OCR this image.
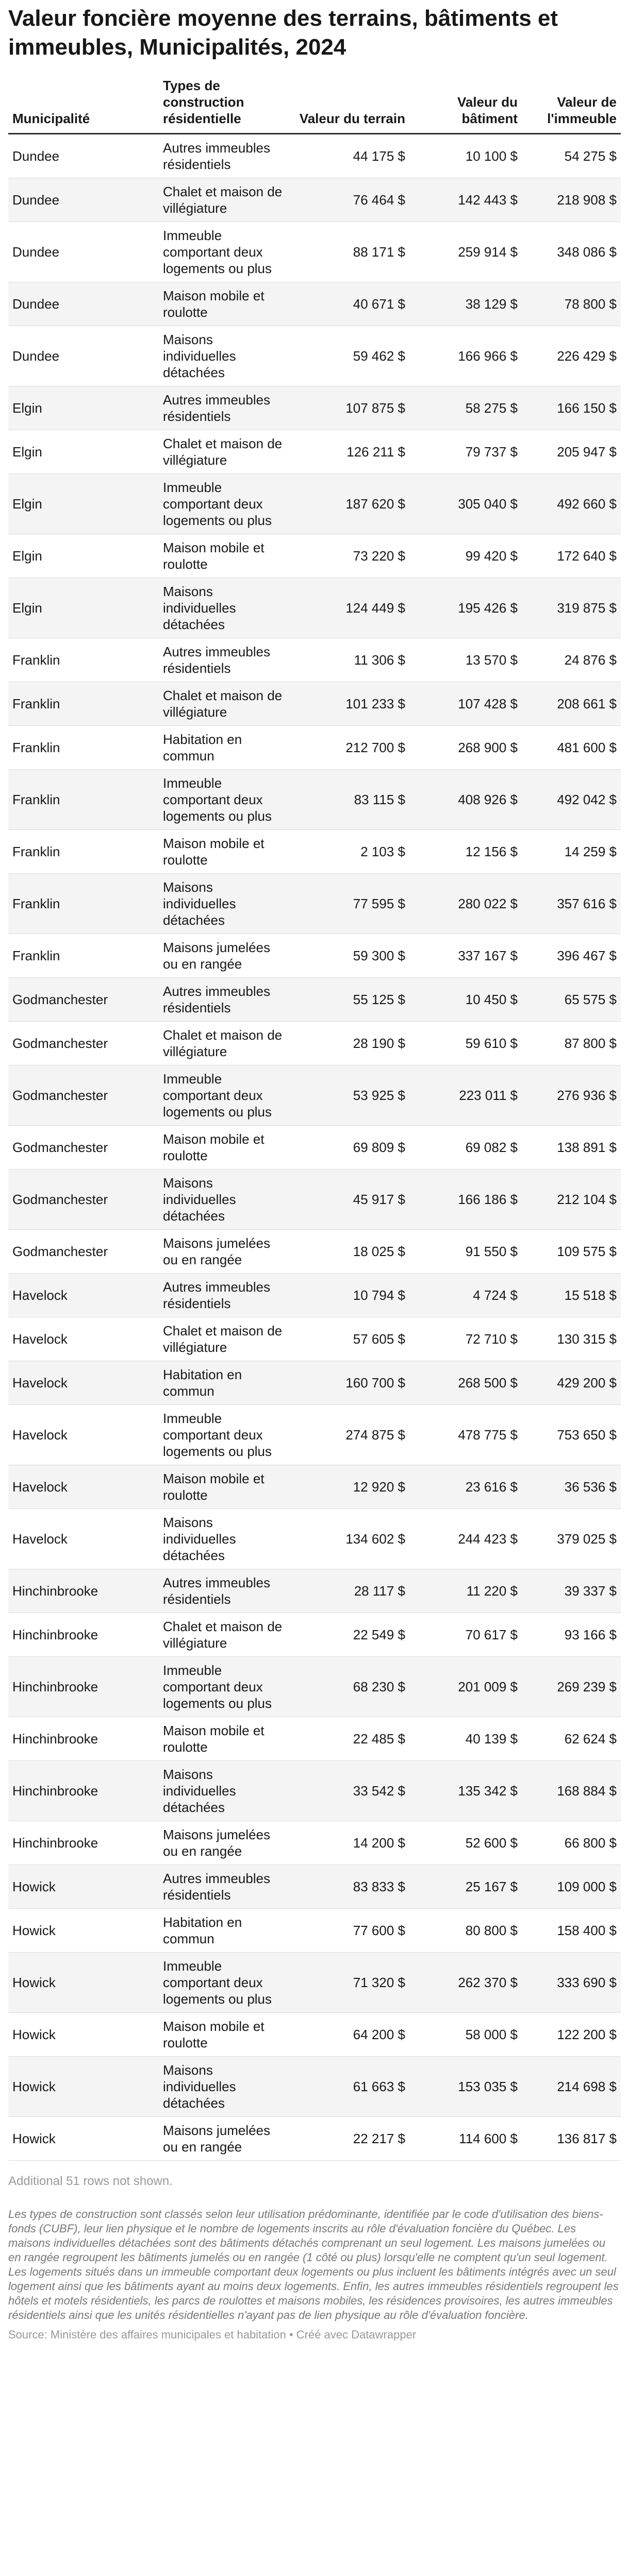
Valeur foncière moyenne des terrains, bâtiments et immeubles, Municipalités, 2024
Municipalité	Types de construction résidentielle	Valeur du terrain	Valeur du bâtiment	Valeur de l'immeuble
Dundee	Autres immeubles résidentiels	44 175 $	10 100 $	54 275 $
Dundee	Chalet et maison de villégiature	76 464 $	142 443 $	218 908 $
Dundee	Immeuble comportant deux logements ou plus	88 171 $	259 914 $	348 086 $
Dundee	Maison mobile et roulotte	40 671 $	38 129 $	78 800 $
Dundee	Maisons individuelles détachées	59 462 $	166 966 $	226 429 $
Elgin	Autres immeubles résidentiels	107 875 $	58 275 $	166 150 $
Elgin	Chalet et maison de villégiature	126 211 $	79 737 $	205 947 $
Elgin	Immeuble comportant deux logements ou plus	187 620 $	305 040 $	492 660 $
Elgin	Maison mobile et roulotte	73 220 $	99 420 $	172 640 $
Elgin	Maisons individuelles détachées	124 449 $	195 426 $	319 875 $
Franklin	Autres immeubles résidentiels	11 306 $	13 570 $	24 876 $
Franklin	Chalet et maison de villégiature	101 233 $	107 428 $	208 661 $
Franklin	Habitation en commun	212 700 $	268 900 $	481 600 $
Franklin	Immeuble comportant deux logements ou plus	83 115 $	408 926 $	492 042 $
Franklin	Maison mobile et roulotte	2 103 $	12 156 $	14 259 $
Franklin	Maisons individuelles détachées	77 595 $	280 022 $	357 616 $
Franklin	Maisons jumelées ou en rangée	59 300 $	337 167 $	396 467 $
Godmanchester	Autres immeubles résidentiels	55 125 $	10 450 $	65 575 $
Godmanchester	Chalet et maison de villégiature	28 190 $	59 610 $	87 800 $
Godmanchester	Immeuble comportant deux logements ou plus	53 925 $	223 011 $	276 936 $
Godmanchester	Maison mobile et roulotte	69 809 $	69 082 $	138 891 $
Godmanchester	Maisons individuelles détachées	45 917 $	166 186 $	212 104 $
Godmanchester	Maisons jumelées ou en rangée	18 025 $	91 550 $	109 575 $
Havelock	Autres immeubles résidentiels	10 794 $	4 724 $	15 518 $
Havelock	Chalet et maison de villégiature	57 605 $	72 710 $	130 315 $
Havelock	Habitation en commun	160 700 $	268 500 $	429 200 $
Havelock	Immeuble comportant deux logements ou plus	274 875 $	478 775 $	753 650 $
Havelock	Maison mobile et roulotte	12 920 $	23 616 $	36 536 $
Havelock	Maisons individuelles détachées	134 602 $	244 423 $	379 025 $
Hinchinbrooke	Autres immeubles résidentiels	28 117 $	11 220 $	39 337 $
Hinchinbrooke	Chalet et maison de villégiature	22 549 $	70 617 $	93 166 $
Hinchinbrooke	Immeuble comportant deux logements ou plus	68 230 $	201 009 $	269 239 $
Hinchinbrooke	Maison mobile et roulotte	22 485 $	40 139 $	62 624 $
Hinchinbrooke	Maisons individuelles détachées	33 542 $	135 342 $	168 884 $
Hinchinbrooke	Maisons jumelées ou en rangée	14 200 $	52 600 $	66 800 $
Howick	Autres immeubles résidentiels	83 833 $	25 167 $	109 000 $
Howick	Habitation en commun	77 600 $	80 800 $	158 400 $
Howick	Immeuble comportant deux logements ou plus	71 320 $	262 370 $	333 690 $
Howick	Maison mobile et roulotte	64 200 $	58 000 $	122 200 $
Howick	Maisons individuelles détachées	61 663 $	153 035 $	214 698 $
Howick	Maisons jumelées ou en rangée	22 217 $	114 600 $	136 817 $
Additional 51 rows not shown.
Les types de construction sont classés selon leur utilisation prédominante, identifiée par le code d'utilisation des biens-fonds (CUBF), leur lien physique et le nombre de logements inscrits au rôle d'évaluation foncière du Québec. Les maisons individuelles détachées sont des bâtiments détachés comprenant un seul logement. Les maisons jumelées ou en rangée regroupent les bâtiments jumelés ou en rangée (1 côté ou plus) lorsqu'elle ne comptent qu'un seul logement. Les logements situés dans un immeuble comportant deux logements ou plus incluent les bâtiments intégrés avec un seul logement ainsi que les bâtiments ayant au moins deux logements. Enfin, les autres immeubles résidentiels regroupent les hôtels et motels résidentiels, les parcs de roulottes et maisons mobiles, les résidences provisoires, les autres immeubles résidentiels ainsi que les unités résidentielles n'ayant pas de lien physique au rôle d'évaluation foncière.
Source: Ministère des affaires municipales et habitation • Créé avec Datawrapper
